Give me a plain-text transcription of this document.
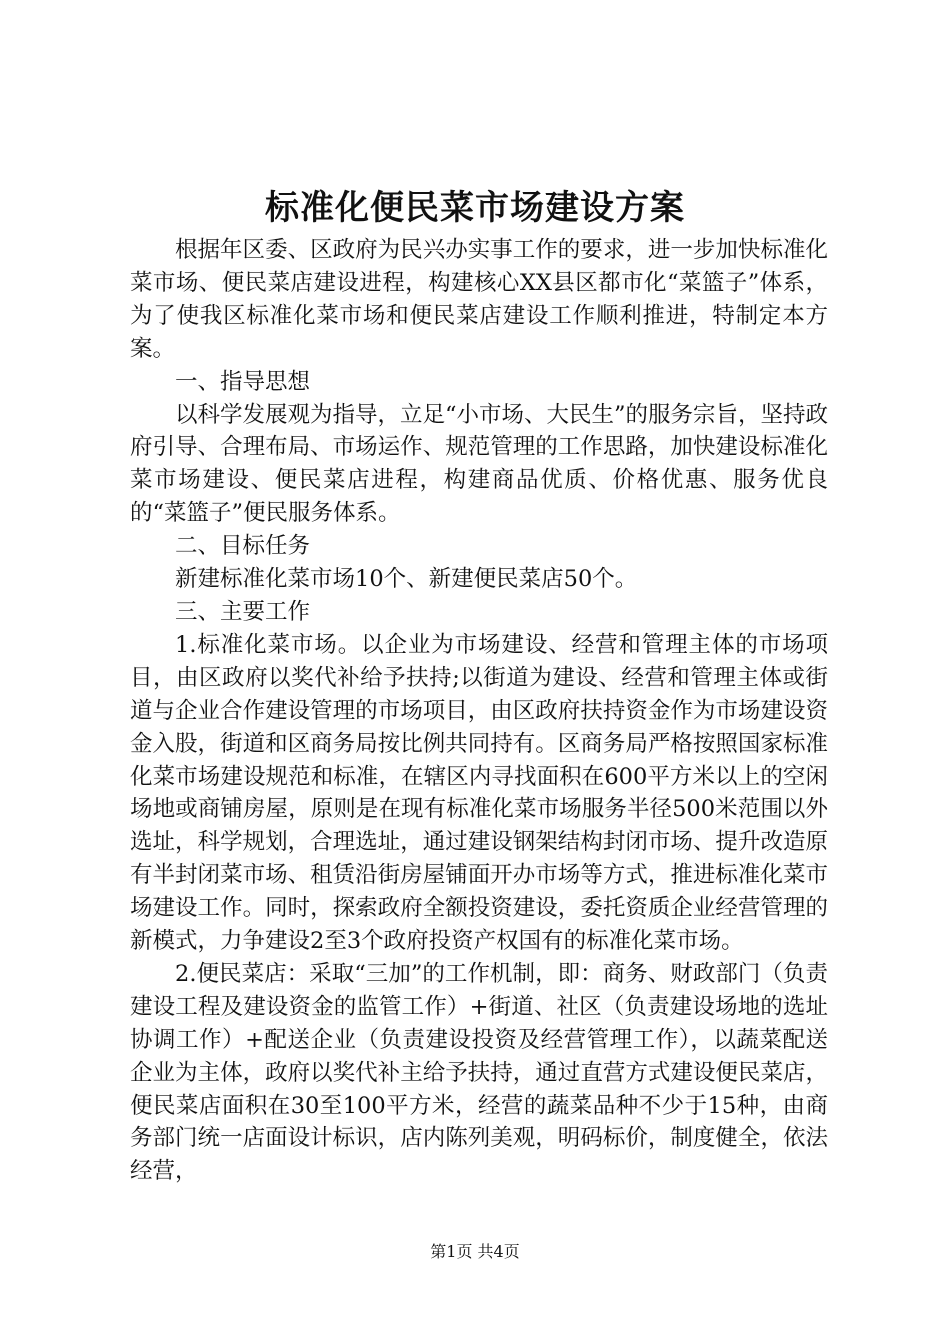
标准化便民菜市场建设方案

根据年区委、区政府为民兴办实事工作的要求，进一步加快标准化菜市场、便民菜店建设进程，构建核心XX县区都市化“菜篮子”体系，为了使我区标准化菜市场和便民菜店建设工作顺利推进，特制定本方案。

一、指导思想

以科学发展观为指导，立足“小市场、大民生”的服务宗旨，坚持政府引导、合理布局、市场运作、规范管理的工作思路，加快建设标准化菜市场建设、便民菜店进程，构建商品优质、价格优惠、服务优良的“菜篮子”便民服务体系。

二、目标任务

新建标准化菜市场10个、新建便民菜店50个。

三、主要工作

1.标准化菜市场。以企业为市场建设、经营和管理主体的市场项目，由区政府以奖代补给予扶持;以街道为建设、经营和管理主体或街道与企业合作建设管理的市场项目，由区政府扶持资金作为市场建设资金入股，街道和区商务局按比例共同持有。区商务局严格按照国家标准化菜市场建设规范和标准，在辖区内寻找面积在600平方米以上的空闲场地或商铺房屋，原则是在现有标准化菜市场服务半径500米范围以外选址，科学规划，合理选址，通过建设钢架结构封闭市场、提升改造原有半封闭菜市场、租赁沿街房屋铺面开办市场等方式，推进标准化菜市场建设工作。同时，探索政府全额投资建设，委托资质企业经营管理的新模式，力争建设2至3个政府投资产权国有的标准化菜市场。

2.便民菜店：采取“三加”的工作机制，即：商务、财政部门（负责建设工程及建设资金的监管工作）+街道、社区（负责建设场地的选址协调工作）+配送企业（负责建设投资及经营管理工作），以蔬菜配送企业为主体，政府以奖代补主给予扶持，通过直营方式建设便民菜店，便民菜店面积在30至100平方米，经营的蔬菜品种不少于15种，由商务部门统一店面设计标识，店内陈列美观，明码标价，制度健全，依法经营，

第1页 共4页
